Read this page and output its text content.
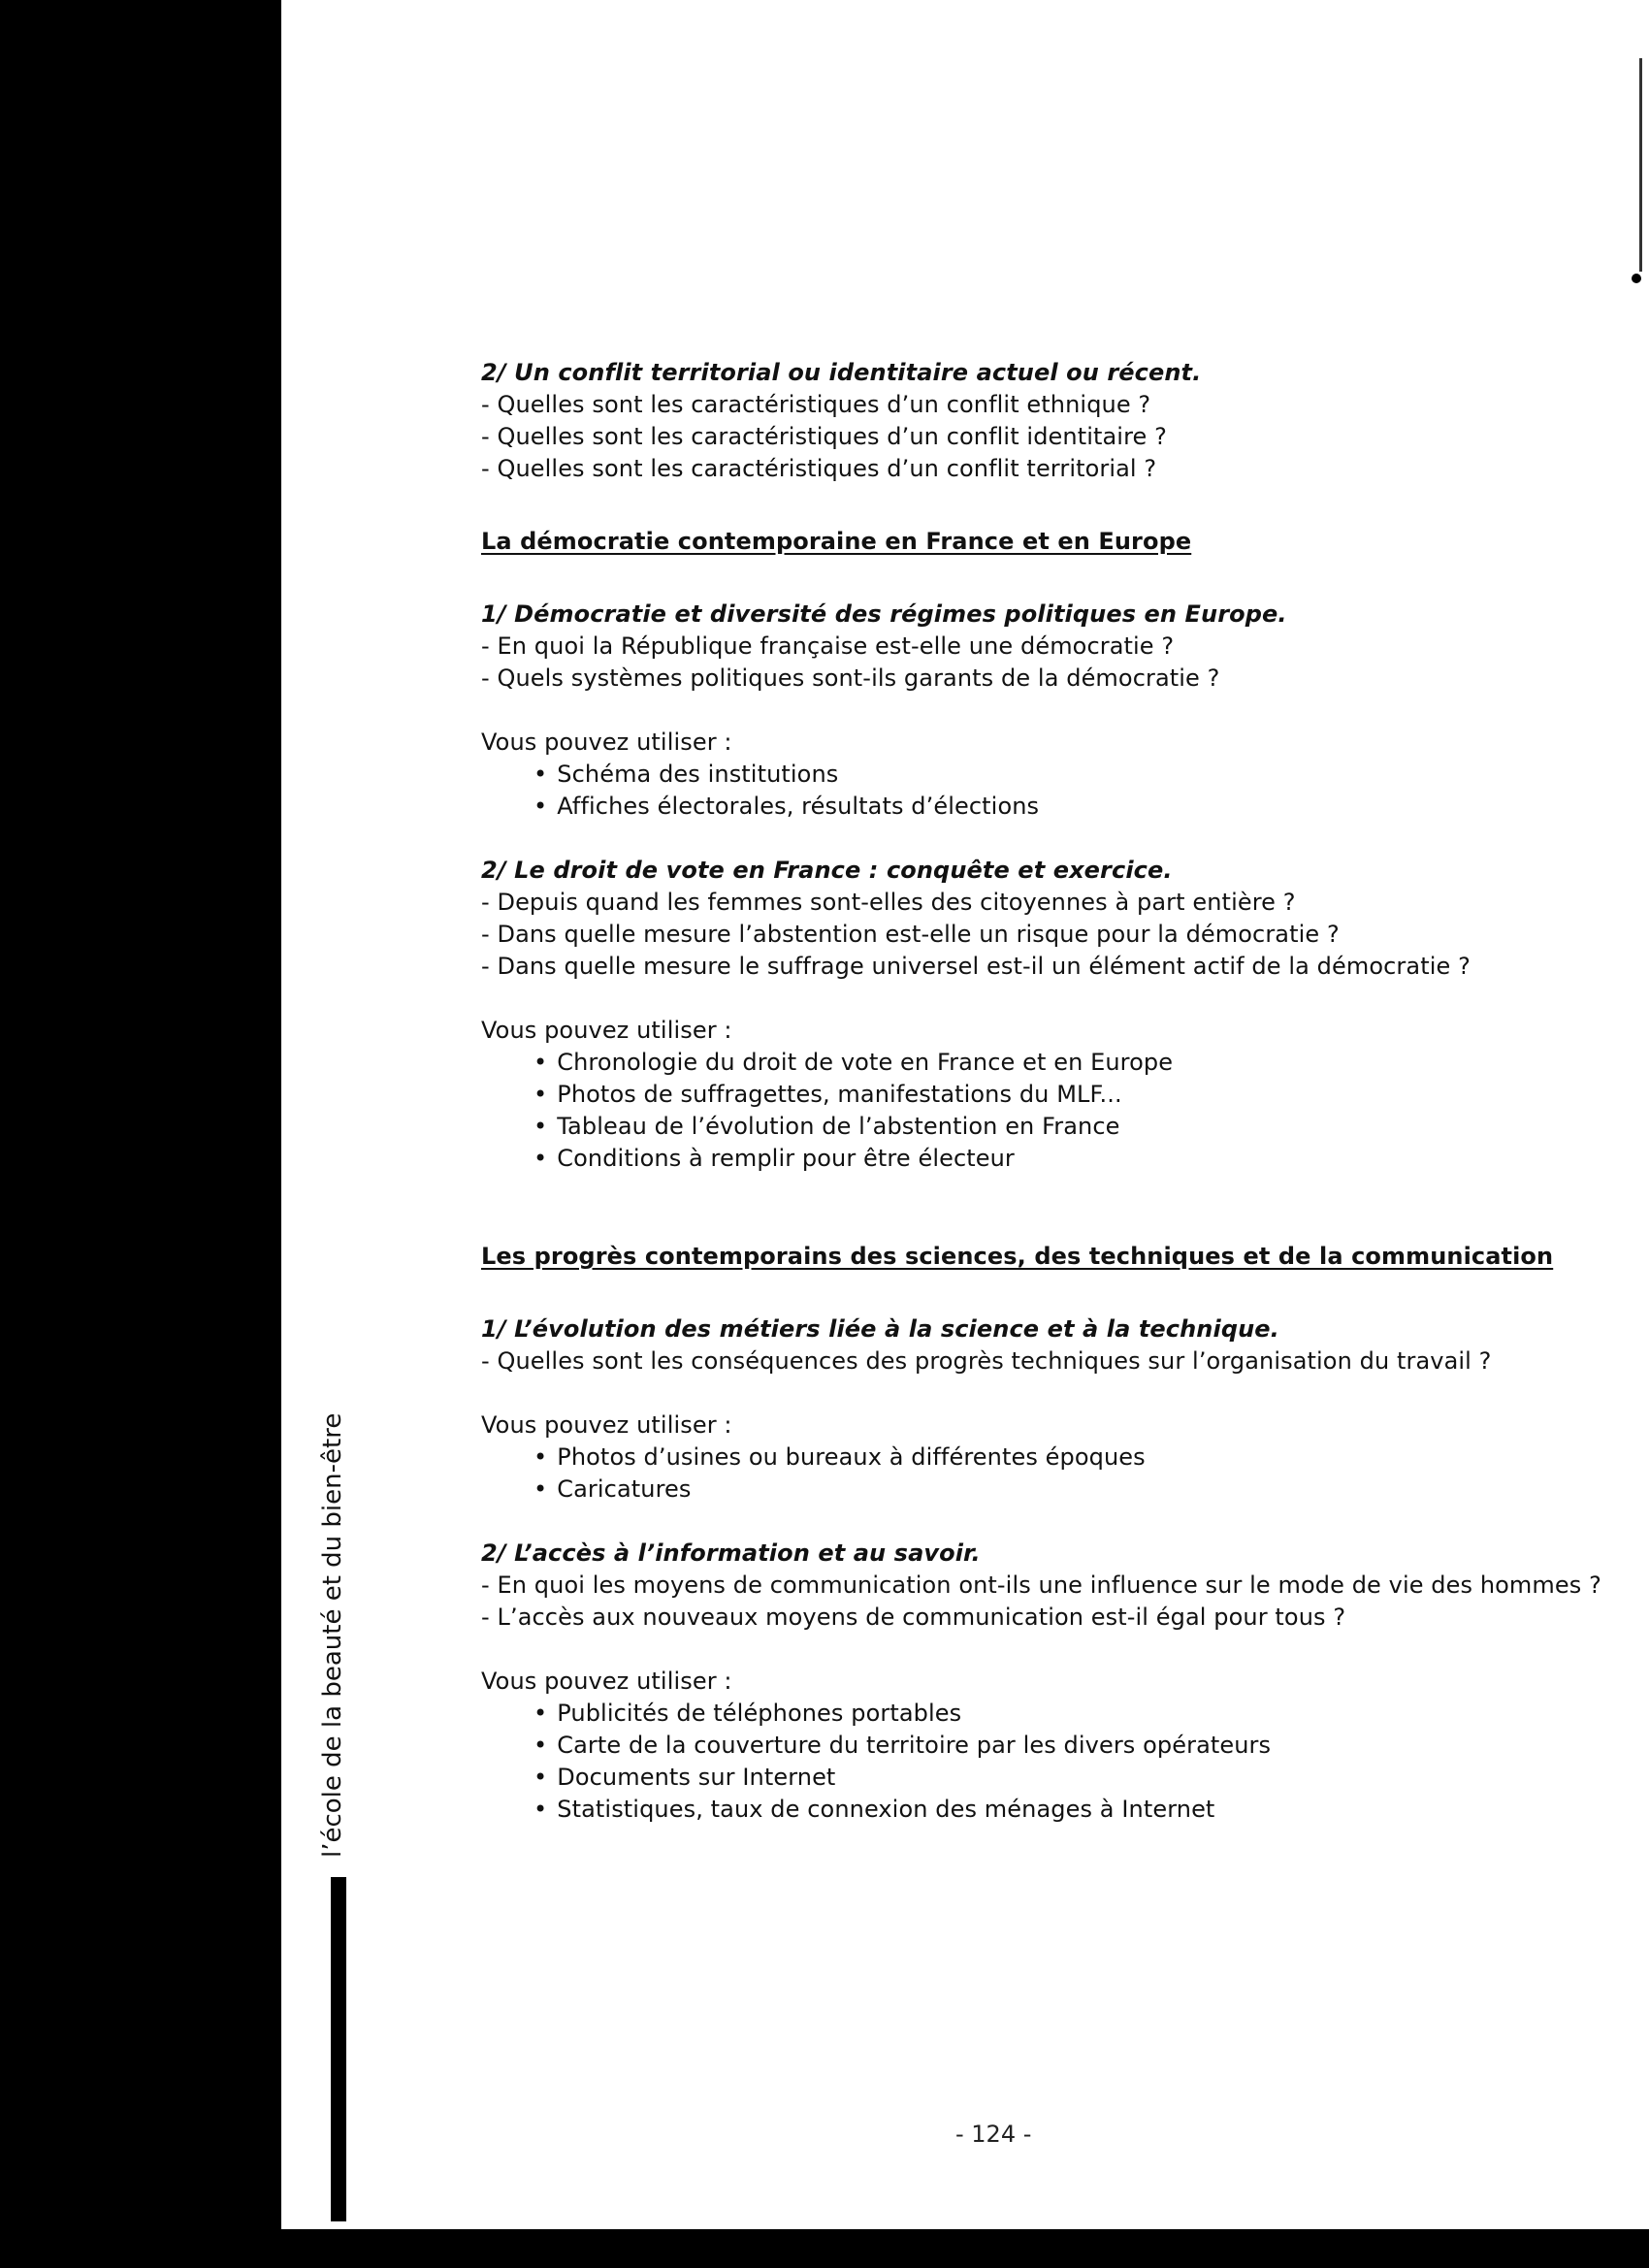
2/ Un conflit territorial ou identitaire actuel ou récent.

- Quelles sont les caractéristiques d’un conflit ethnique ?

- Quelles sont les caractéristiques d’un conflit identitaire ?

- Quelles sont les caractéristiques d’un conflit territorial ?

La démocratie contemporaine en France et en Europe

1/ Démocratie et diversité des régimes politiques en Europe.

- En quoi la République française est-elle une démocratie ?

- Quels systèmes politiques sont-ils garants de la démocratie ?

Vous pouvez utiliser :

• Schéma des institutions
• Affiches électorales, résultats d’élections

2/ Le droit de vote en France : conquête et exercice.

- Depuis quand les femmes sont-elles des citoyennes à part entière ?

- Dans quelle mesure l’abstention est-elle un risque pour la démocratie ?

- Dans quelle mesure le suffrage universel est-il un élément actif de la démocratie ?

Vous pouvez utiliser :

• Chronologie du droit de vote en France et en Europe
• Photos de suffragettes, manifestations du MLF...
• Tableau de l’évolution de l’abstention en France
• Conditions à remplir pour être électeur

Les progrès contemporains des sciences, des techniques et de la communication

1/ L’évolution des métiers liée à la science et à la technique.

- Quelles sont les conséquences des progrès techniques sur l’organisation du travail ?

Vous pouvez utiliser :

• Photos d’usines ou bureaux à différentes époques
• Caricatures

2/ L’accès à l’information et au savoir.

- En quoi les moyens de communication ont-ils une influence sur le mode de vie des hommes ?

- L’accès aux nouveaux moyens de communication est-il égal pour tous ?

Vous pouvez utiliser :

• Publicités de téléphones portables
• Carte de la couverture du territoire par les divers opérateurs
• Documents sur Internet
• Statistiques, taux de connexion des ménages à Internet
- 124 -
l’école de la beauté et du bien-être
